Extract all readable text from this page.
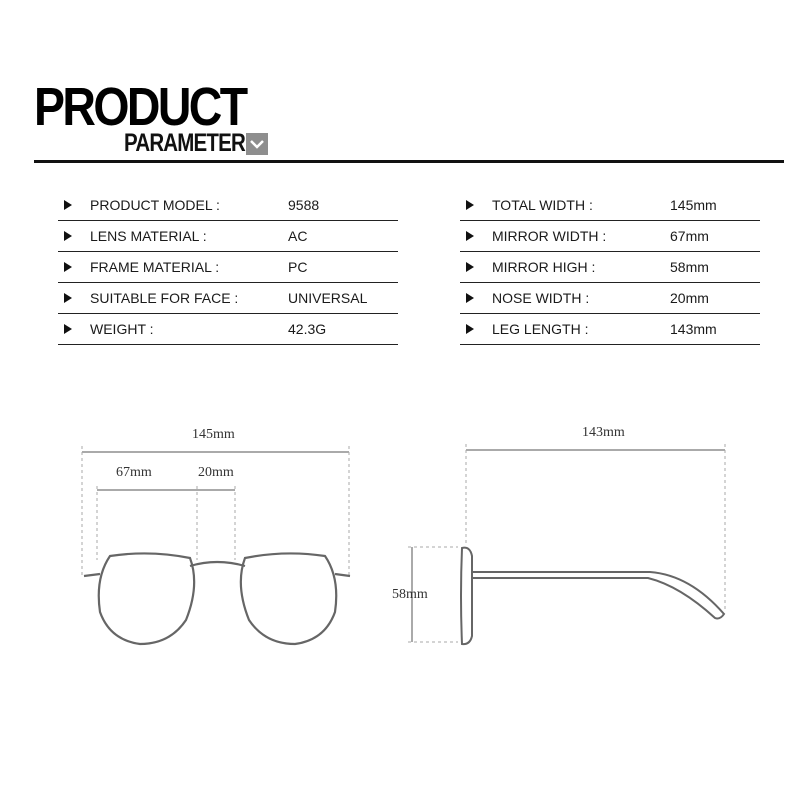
PRODUCT
PARAMETER
PRODUCT MODEL :	9588
LENS MATERIAL :	AC
FRAME MATERIAL :	PC
SUITABLE FOR FACE :	UNIVERSAL
WEIGHT :	42.3G
TOTAL WIDTH :	145mm
MIRROR WIDTH :	67mm
MIRROR HIGH :	58mm
NOSE WIDTH :	20mm
LEG LENGTH :	143mm
145mm
67mm	20mm
143mm
58mm
